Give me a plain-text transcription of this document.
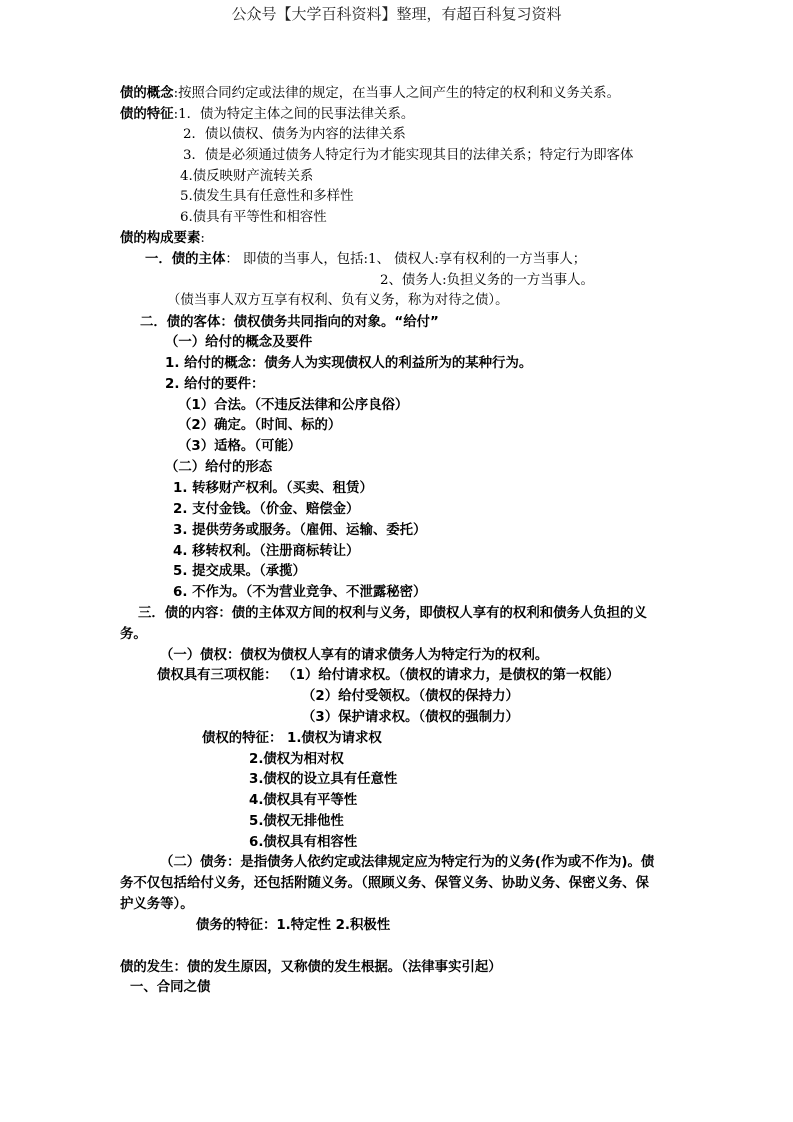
公众号【大学百科资料】整理，有超百科复习资料
债的概念:按照合同约定或法律的规定，在当事人之间产生的特定的权利和义务关系。
债的特征:1．债为特定主体之间的民事法律关系。
2．债以债权、债务为内容的法律关系
3．债是必须通过债务人特定行为才能实现其目的法律关系；特定行为即客体
4.债反映财产流转关系
5.债发生具有任意性和多样性
6.债具有平等性和相容性
债的构成要素:
一．债的主体： 即债的当事人，包括:1、 债权人:享有权利的一方当事人；
2、债务人:负担义务的一方当事人。
（债当事人双方互享有权利、负有义务，称为对待之债）。
二．债的客体：债权债务共同指向的对象。“给付”
（一）给付的概念及要件
1. 给付的概念：债务人为实现债权人的利益所为的某种行为。
2. 给付的要件：
（1）合法。（不违反法律和公序良俗）
（2）确定。（时间、标的）
（3）适格。（可能）
（二）给付的形态
1. 转移财产权利。（买卖、租赁）
2. 支付金钱。（价金、赔偿金）
3. 提供劳务或服务。（雇佣、运输、委托）
4. 移转权利。（注册商标转让）
5. 提交成果。（承揽）
6. 不作为。（不为营业竞争、不泄露秘密）
三．债的内容：债的主体双方间的权利与义务，即债权人享有的权利和债务人负担的义
务。
（一）债权：债权为债权人享有的请求债务人为特定行为的权利。
债权具有三项权能： （1）给付请求权。（债权的请求力，是债权的第一权能）
（2）给付受领权。（债权的保持力）
（3）保护请求权。（债权的强制力）
债权的特征： 1.债权为请求权
2.债权为相对权
3.债权的设立具有任意性
4.债权具有平等性
5.债权无排他性
6.债权具有相容性
（二）债务：是指债务人依约定或法律规定应为特定行为的义务(作为或不作为)。债
务不仅包括给付义务，还包括附随义务。（照顾义务、保管义务、协助义务、保密义务、保
护义务等）。
债务的特征：1.特定性 2.积极性
债的发生：债的发生原因，又称债的发生根据。（法律事实引起）
一、合同之债
